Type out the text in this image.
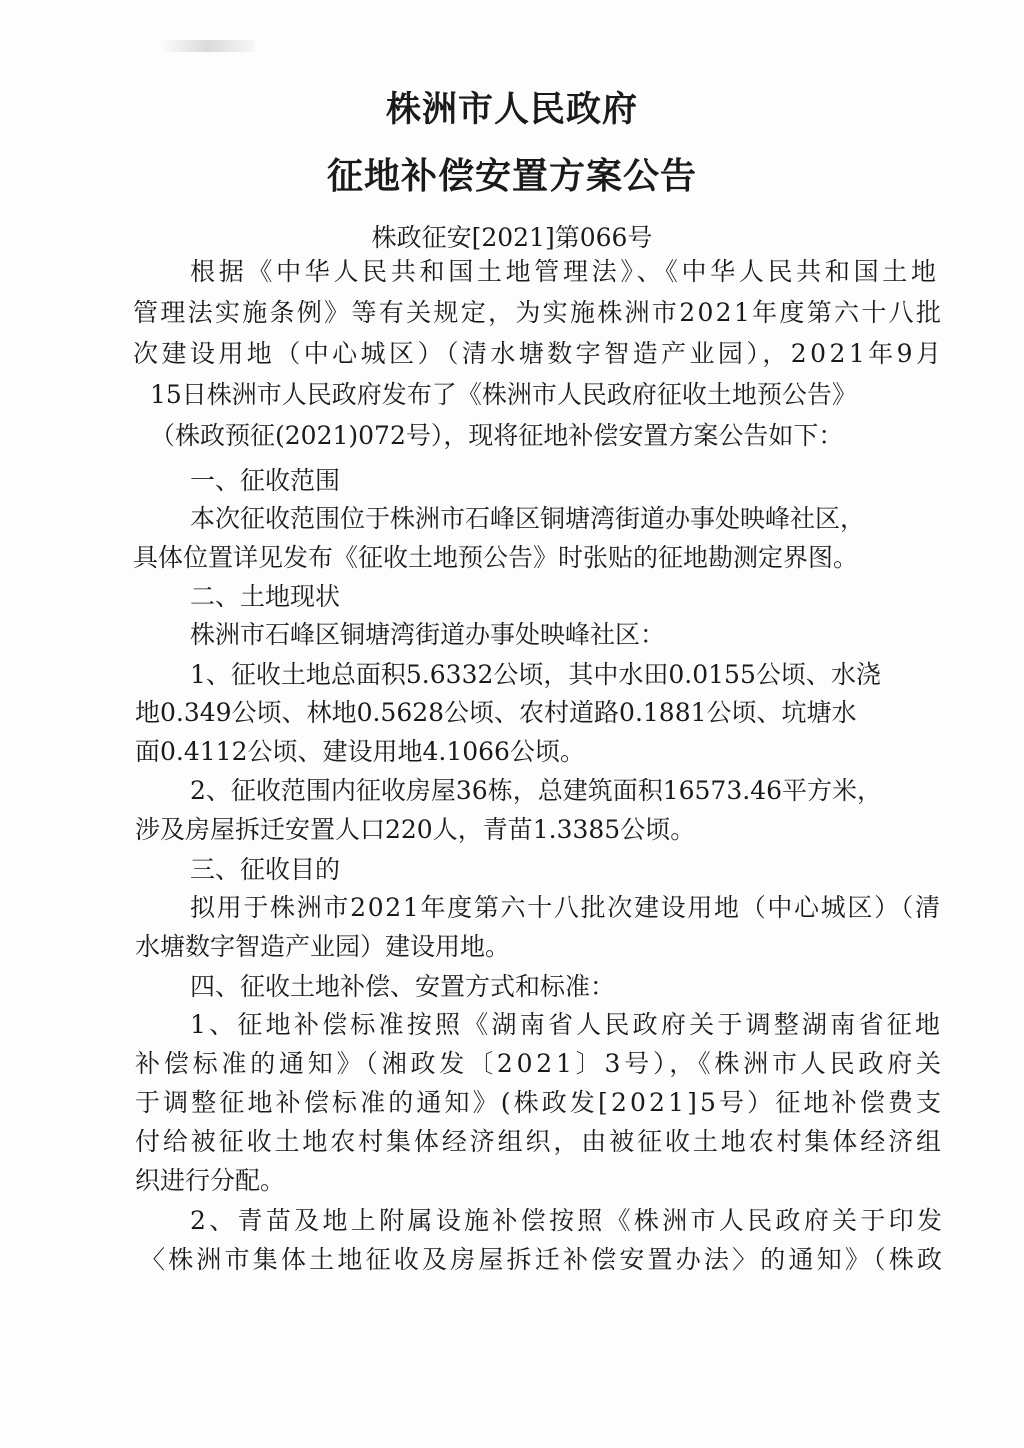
株洲市人民政府
征地补偿安置方案公告

株政征安[2021]第066号

根据《中华人民共和国土地管理法》、《中华人民共和国土地

管理法实施条例》等有关规定，为实施株洲市2021年度第六十八批

次建设用地（中心城区）（清水塘数字智造产业园），2021年9月

15日株洲市人民政府发布了《株洲市人民政府征收土地预公告》

（株政预征(2021)072号），现将征地补偿安置方案公告如下：

一、征收范围

本次征收范围位于株洲市石峰区铜塘湾街道办事处映峰社区，

具体位置详见发布《征收土地预公告》时张贴的征地勘测定界图。

二、土地现状

株洲市石峰区铜塘湾街道办事处映峰社区：

1、征收土地总面积5.6332公顷，其中水田0.0155公顷、水浇

地0.349公顷、林地0.5628公顷、农村道路0.1881公顷、坑塘水

面0.4112公顷、建设用地4.1066公顷。

2、征收范围内征收房屋36栋，总建筑面积16573.46平方米，

涉及房屋拆迁安置人口220人，青苗1.3385公顷。

三、征收目的

拟用于株洲市2021年度第六十八批次建设用地（中心城区）（清

水塘数字智造产业园）建设用地。

四、征收土地补偿、安置方式和标准：

1、征地补偿标准按照《湖南省人民政府关于调整湖南省征地

补偿标准的通知》（湘政发〔2021〕3号），《株洲市人民政府关

于调整征地补偿标准的通知》(株政发[2021]5号）征地补偿费支

付给被征收土地农村集体经济组织，由被征收土地农村集体经济组

织进行分配。

2、青苗及地上附属设施补偿按照《株洲市人民政府关于印发

〈株洲市集体土地征收及房屋拆迁补偿安置办法〉的通知》（株政
